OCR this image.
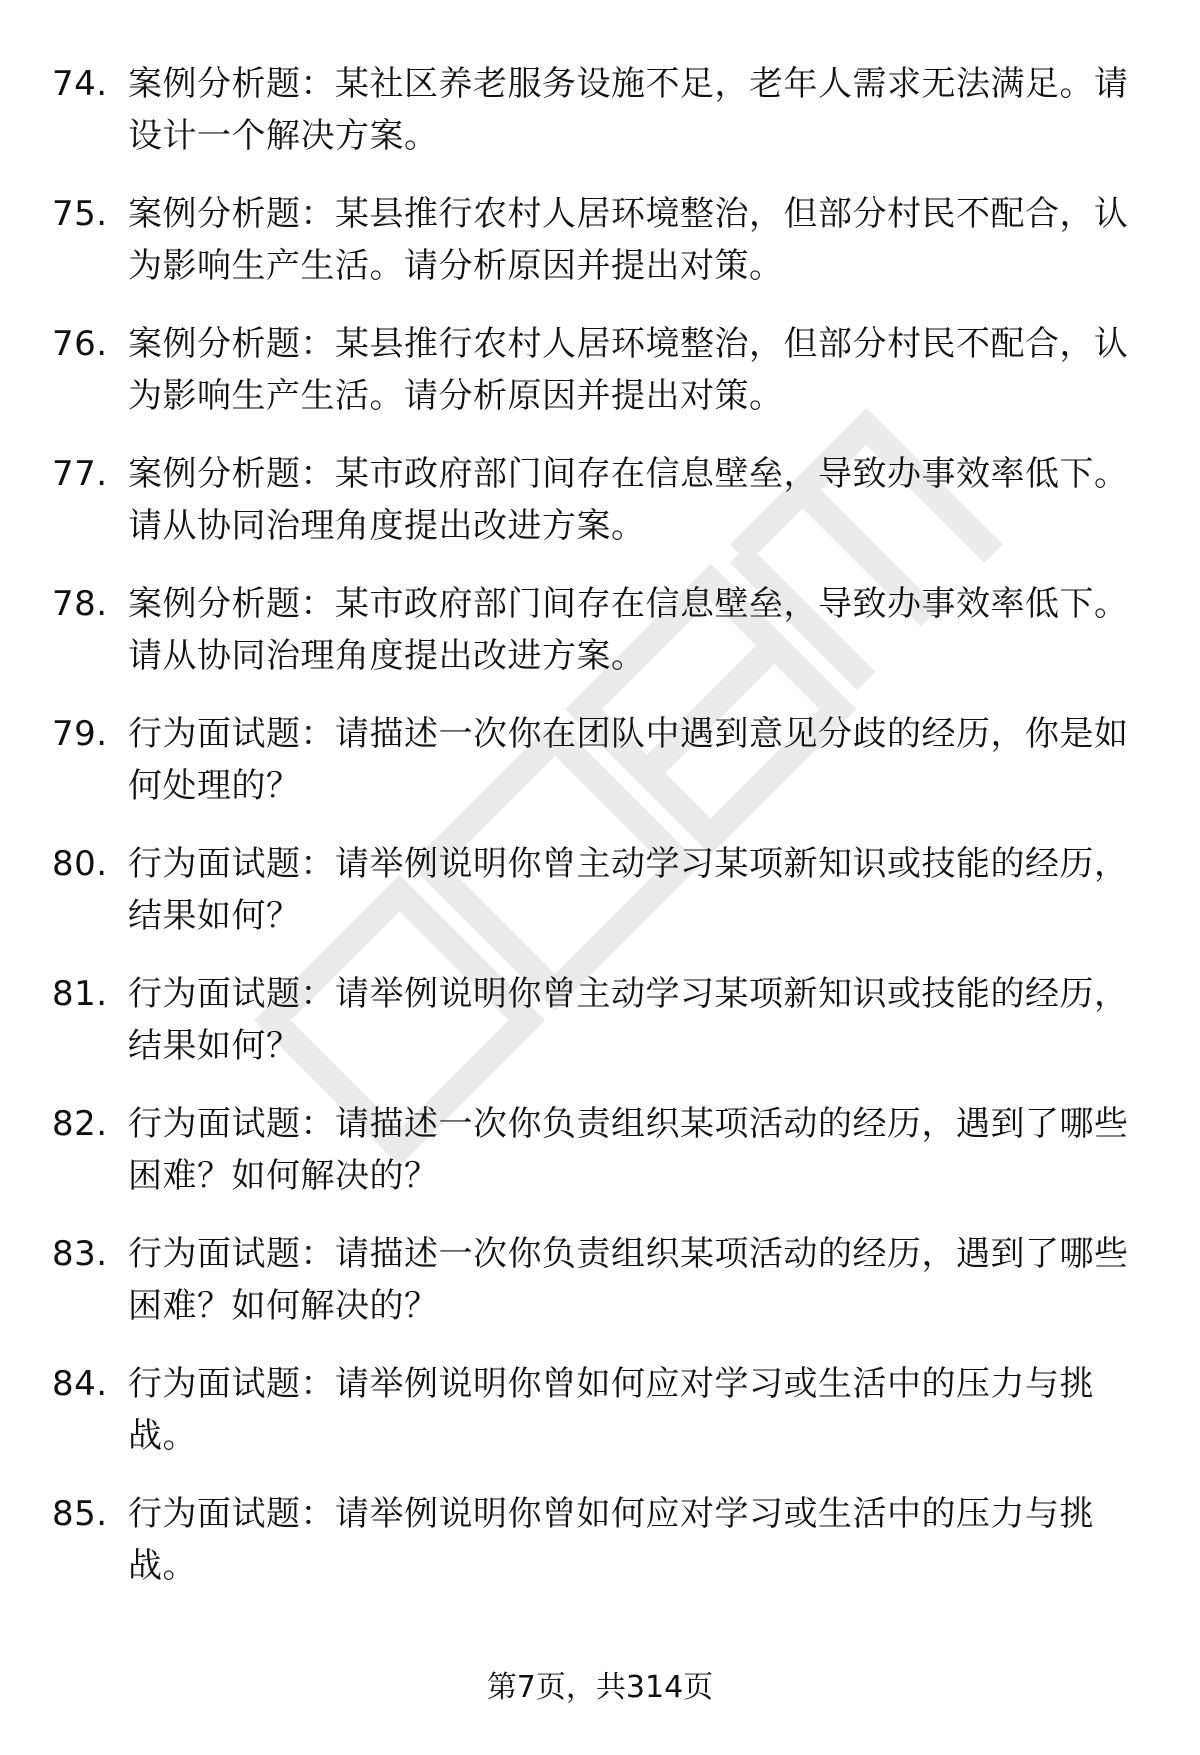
74. 案例分析题：某社区养老服务设施不足，老年人需求无法满足。请设计一个解决方案。
75. 案例分析题：某县推行农村人居环境整治，但部分村民不配合，认为影响生产生活。请分析原因并提出对策。
76. 案例分析题：某县推行农村人居环境整治，但部分村民不配合，认为影响生产生活。请分析原因并提出对策。
77. 案例分析题：某市政府部门间存在信息壁垒，导致办事效率低下。请从协同治理角度提出改进方案。
78. 案例分析题：某市政府部门间存在信息壁垒，导致办事效率低下。请从协同治理角度提出改进方案。
79. 行为面试题：请描述一次你在团队中遇到意见分歧的经历，你是如何处理的？
80. 行为面试题：请举例说明你曾主动学习某项新知识或技能的经历，结果如何？
81. 行为面试题：请举例说明你曾主动学习某项新知识或技能的经历，结果如何？
82. 行为面试题：请描述一次你负责组织某项活动的经历，遇到了哪些困难？如何解决的？
83. 行为面试题：请描述一次你负责组织某项活动的经历，遇到了哪些困难？如何解决的？
84. 行为面试题：请举例说明你曾如何应对学习或生活中的压力与挑战。
85. 行为面试题：请举例说明你曾如何应对学习或生活中的压力与挑战。
第7页，共314页
